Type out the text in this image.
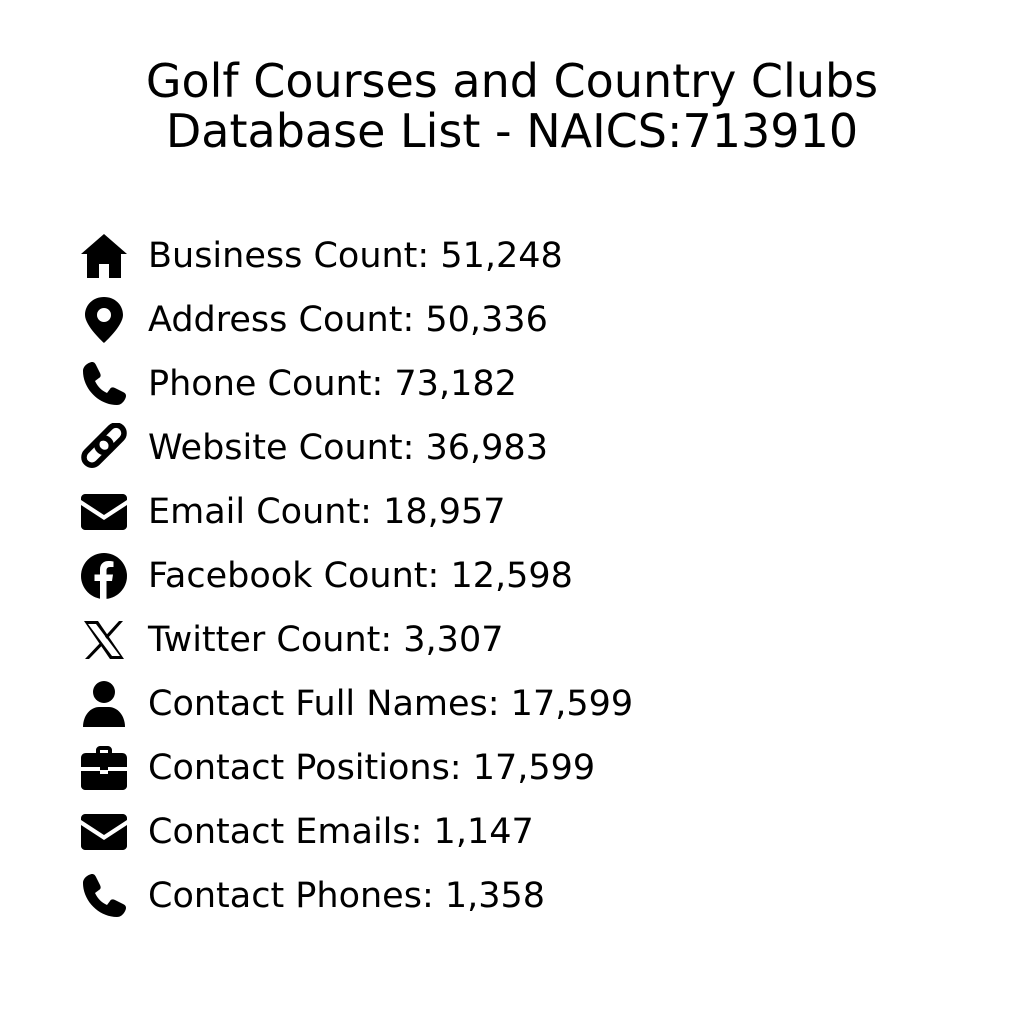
Golf Courses and Country Clubs
Database List - NAICS:713910
Business Count: 51,248
Address Count: 50,336
Phone Count: 73,182
Website Count: 36,983
Email Count: 18,957
Facebook Count: 12,598
Twitter Count: 3,307
Contact Full Names: 17,599
Contact Positions: 17,599
Contact Emails: 1,147
Contact Phones: 1,358
